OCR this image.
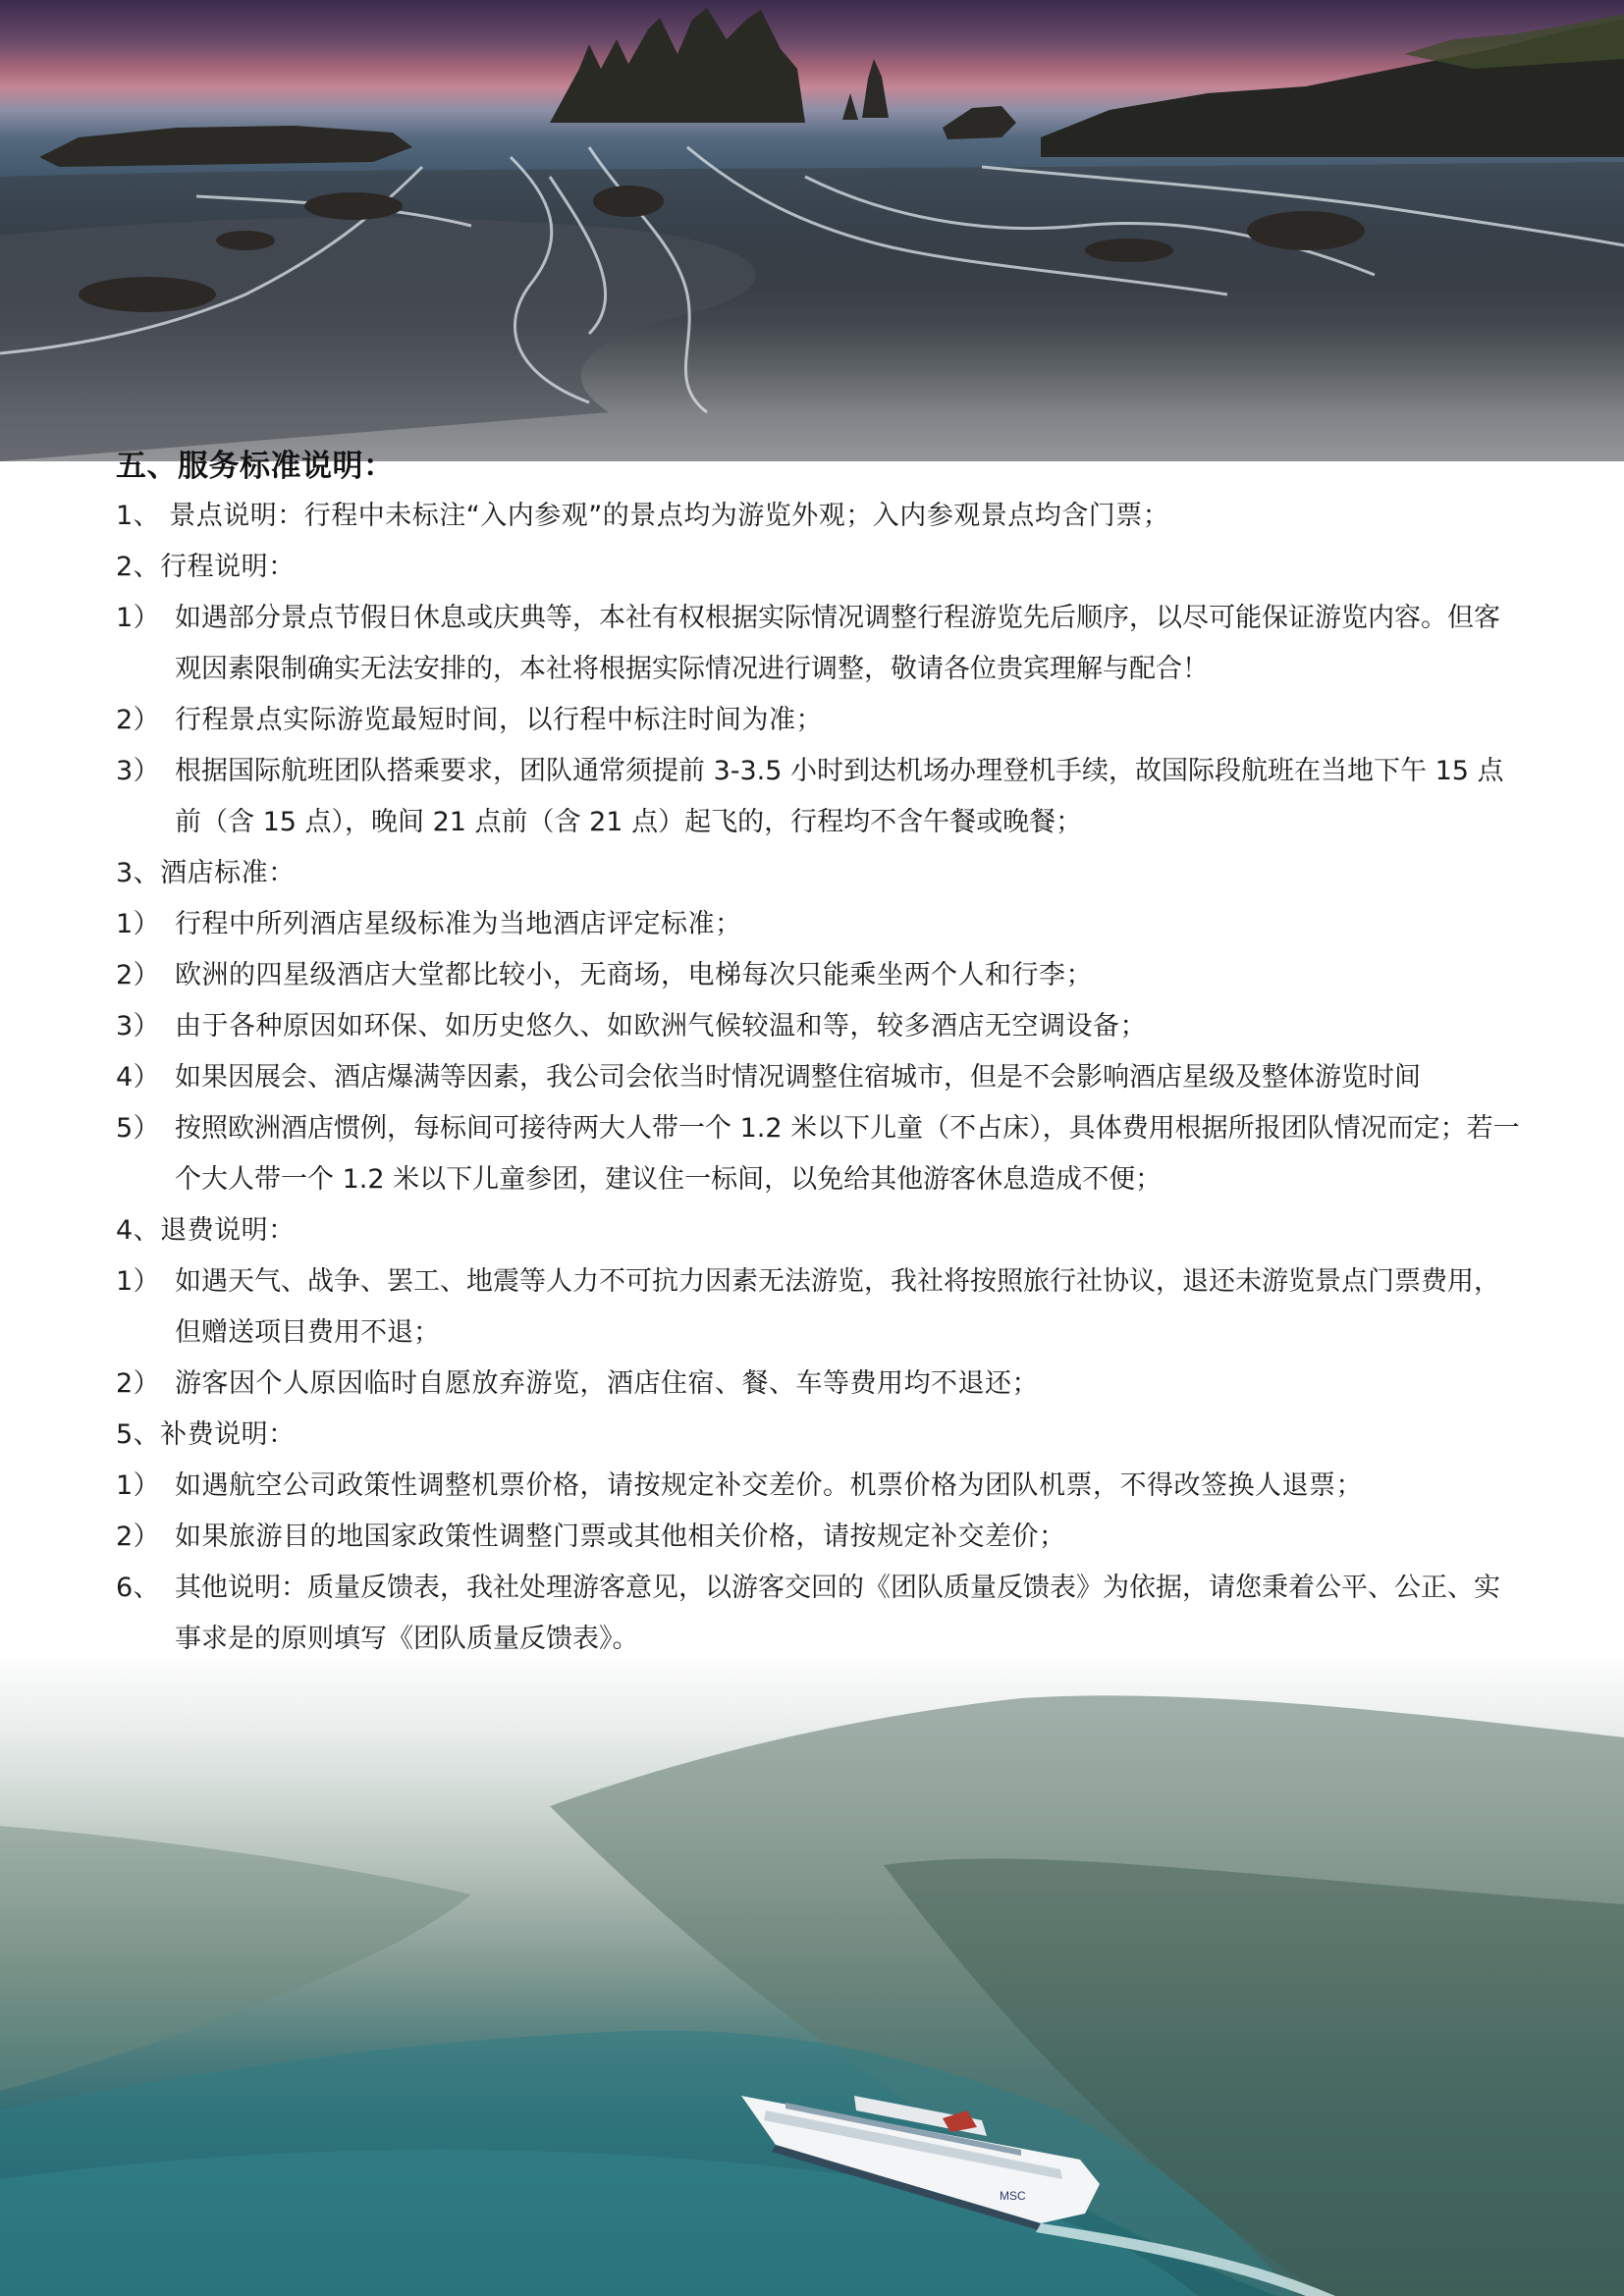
MSC
五、服务标准说明：
1、 景点说明：行程中未标注“入内参观”的景点均为游览外观；入内参观景点均含门票；
2、行程说明：
1） 如遇部分景点节假日休息或庆典等，本社有权根据实际情况调整行程游览先后顺序，以尽可能保证游览内容。但客观因素限制确实无法安排的，本社将根据实际情况进行调整，敬请各位贵宾理解与配合！
2） 行程景点实际游览最短时间，以行程中标注时间为准；
3） 根据国际航班团队搭乘要求，团队通常须提前 3-3.5 小时到达机场办理登机手续，故国际段航班在当地下午 15 点前（含 15 点），晚间 21 点前（含 21 点）起飞的，行程均不含午餐或晚餐；
3、酒店标准：
1） 行程中所列酒店星级标准为当地酒店评定标准；
2） 欧洲的四星级酒店大堂都比较小，无商场，电梯每次只能乘坐两个人和行李；
3） 由于各种原因如环保、如历史悠久、如欧洲气候较温和等，较多酒店无空调设备；
4） 如果因展会、酒店爆满等因素，我公司会依当时情况调整住宿城市，但是不会影响酒店星级及整体游览时间
5） 按照欧洲酒店惯例，每标间可接待两大人带一个 1.2 米以下儿童（不占床），具体费用根据所报团队情况而定；若一个大人带一个 1.2 米以下儿童参团，建议住一标间，以免给其他游客休息造成不便；
4、退费说明：
1） 如遇天气、战争、罢工、地震等人力不可抗力因素无法游览，我社将按照旅行社协议，退还未游览景点门票费用，但赠送项目费用不退；
2） 游客因个人原因临时自愿放弃游览，酒店住宿、餐、车等费用均不退还；
5、补费说明：
1） 如遇航空公司政策性调整机票价格，请按规定补交差价。机票价格为团队机票，不得改签换人退票；
2） 如果旅游目的地国家政策性调整门票或其他相关价格，请按规定补交差价；
6、 其他说明：质量反馈表，我社处理游客意见，以游客交回的《团队质量反馈表》为依据，请您秉着公平、公正、实事求是的原则填写《团队质量反馈表》。
